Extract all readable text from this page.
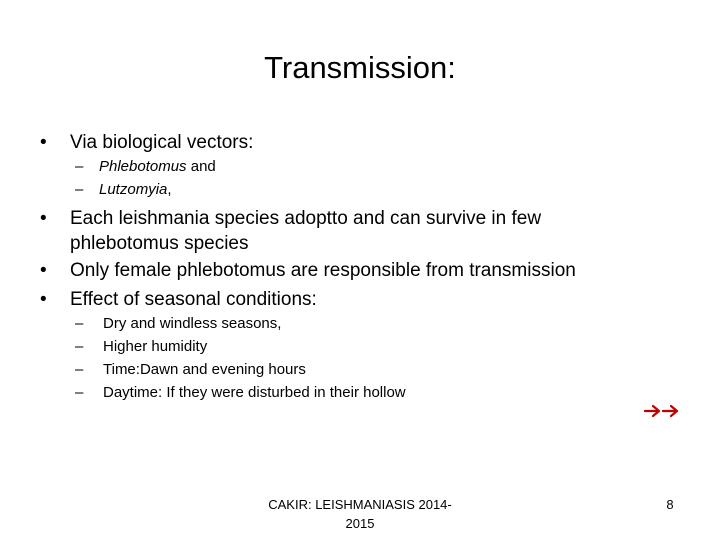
Transmission:
• Via biological vectors:
– Phlebotomus and
– Lutzomyia,
• Each leishmania species adoptto and can survive in few phlebotomus species
• Only female phlebotomus are responsible from transmission
• Effect of seasonal conditions:
– Dry and windless seasons,
– Higher humidity
– Time:Dawn and evening hours
– Daytime: If they were disturbed in their hollow
CAKIR: LEISHMANIASIS 2014-
2015
8
